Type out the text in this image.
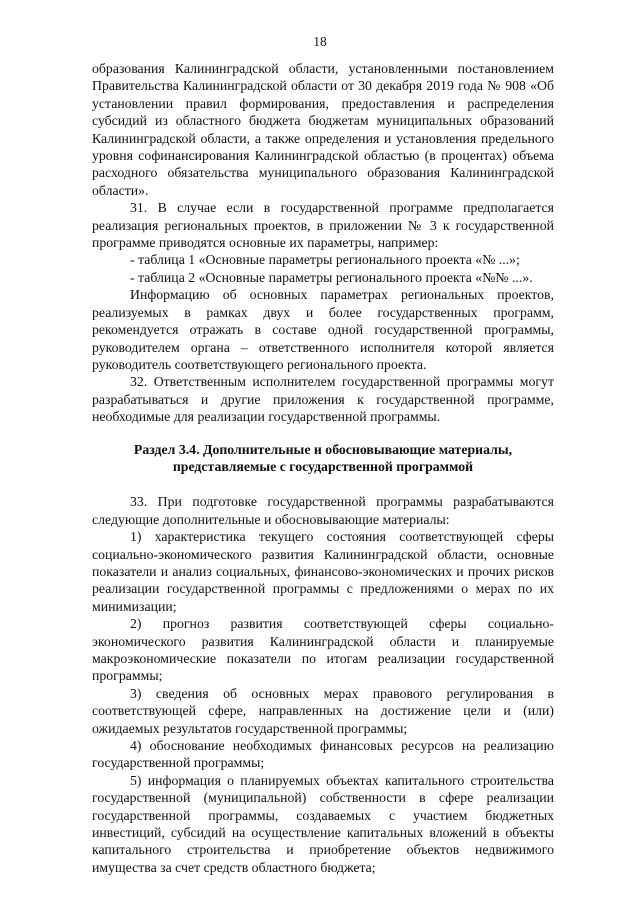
18

образования Калининградской области, установленными постановлением Правительства Калининградской области от 30 декабря 2019 года № 908 «Об установлении правил формирования, предоставления и распределения субсидий из областного бюджета бюджетам муниципальных образований Калининградской области, а также определения и установления предельного уровня софинансирования Калининградской областью (в процентах) объема расходного обязательства муниципального образования Калининградской области».

31. В случае если в государственной программе предполагается реализация региональных проектов, в приложении № 3 к государственной программе приводятся основные их параметры, например:

- таблица 1 «Основные параметры регионального проекта «№ ...»;

- таблица 2 «Основные параметры регионального проекта «№№ ...».

Информацию об основных параметрах региональных проектов, реализуемых в рамках двух и более государственных программ, рекомендуется отражать в составе одной государственной программы, руководителем органа – ответственного исполнителя которой является руководитель соответствующего регионального проекта.

32. Ответственным исполнителем государственной программы могут разрабатываться и другие приложения к государственной программе, необходимые для реализации государственной программы.

Раздел 3.4. Дополнительные и обосновывающие материалы,
представляемые с государственной программой

33. При подготовке государственной программы разрабатываются следующие дополнительные и обосновывающие материалы:

1) характеристика текущего состояния соответствующей сферы социально-экономического развития Калининградской области, основные показатели и анализ социальных, финансово-экономических и прочих рисков реализации государственной программы с предложениями о мерах по их минимизации;

2) прогноз развития соответствующей сферы социально-экономического развития Калининградской области и планируемые макроэкономические показатели по итогам реализации государственной программы;

3) сведения об основных мерах правового регулирования в соответствующей сфере, направленных на достижение цели и (или) ожидаемых результатов государственной программы;

4) обоснование необходимых финансовых ресурсов на реализацию государственной программы;

5) информация о планируемых объектах капитального строительства государственной (муниципальной) собственности в сфере реализации государственной программы, создаваемых с участием бюджетных инвестиций, субсидий на осуществление капитальных вложений в объекты капитального строительства и приобретение объектов недвижимого имущества за счет средств областного бюджета;
